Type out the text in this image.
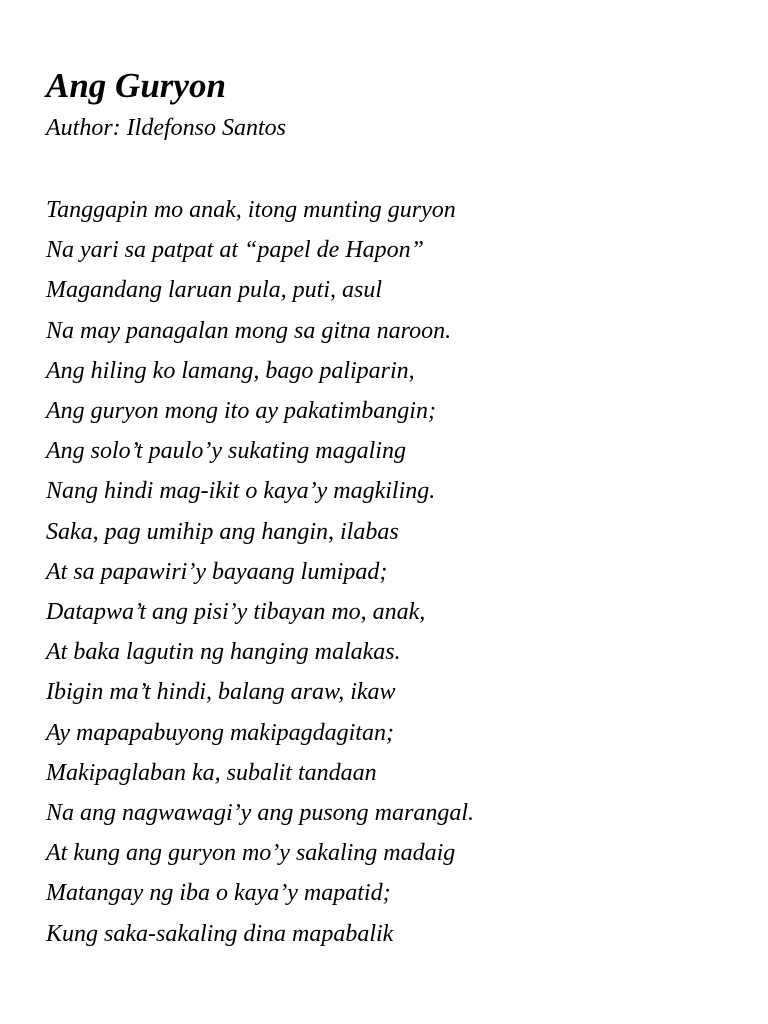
Ang Guryon

Author: Ildefonso Santos

Tanggapin mo anak, itong munting guryon
Na yari sa patpat at “papel de Hapon”
Magandang laruan pula, puti, asul
Na may panagalan mong sa gitna naroon.
Ang hiling ko lamang, bago paliparin,
Ang guryon mong ito ay pakatimbangin;
Ang solo’t paulo’y sukating magaling
Nang hindi mag-ikit o kaya’y magkiling.
Saka, pag umihip ang hangin, ilabas
At sa papawiri’y bayaang lumipad;
Datapwa’t ang pisi’y tibayan mo, anak,
At baka lagutin ng hanging malakas.
Ibigin ma’t hindi, balang araw, ikaw
Ay mapapabuyong makipagdagitan;
Makipaglaban ka, subalit tandaan
Na ang nagwawagi’y ang pusong marangal.
At kung ang guryon mo’y sakaling madaig
Matangay ng iba o kaya’y mapatid;
Kung saka-sakaling dina mapabalik
